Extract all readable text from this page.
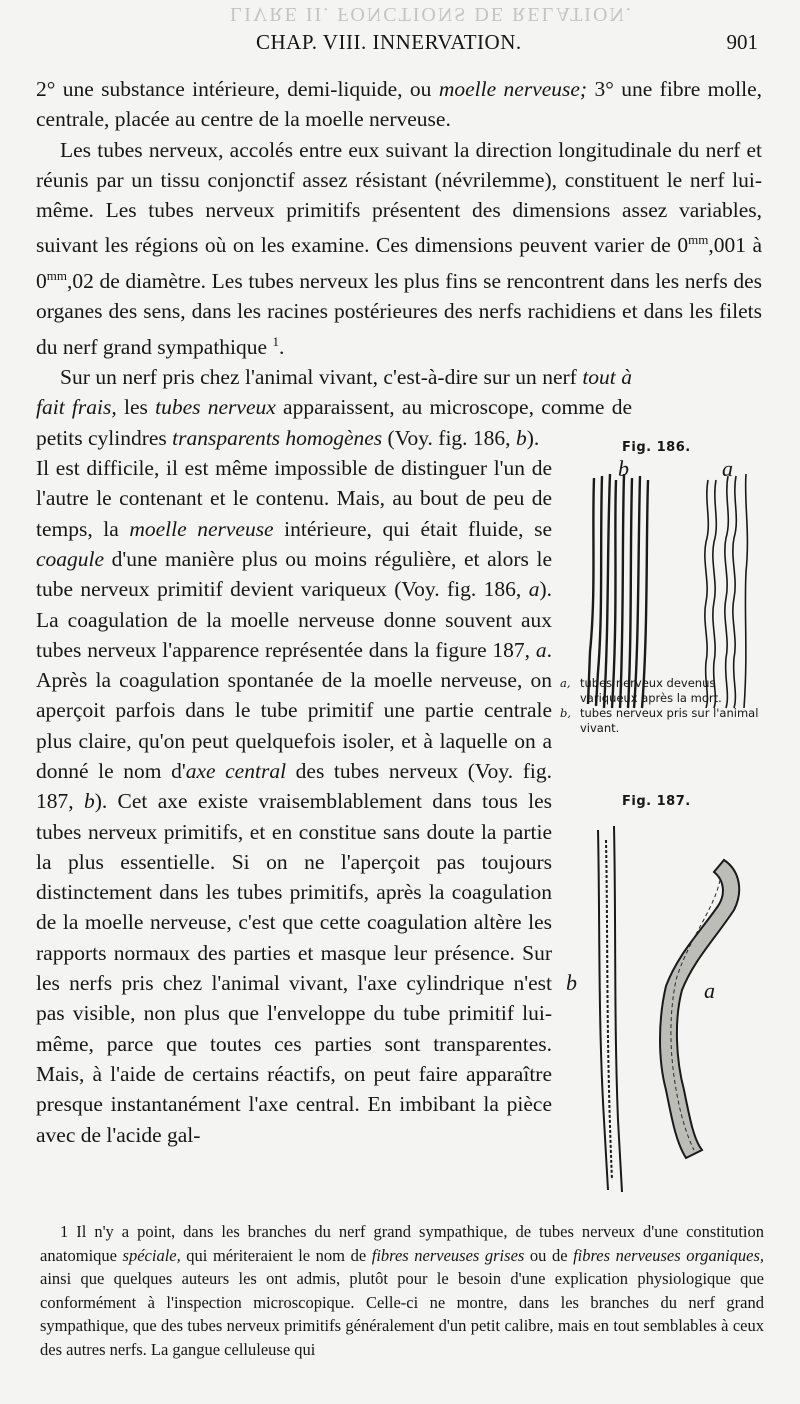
LIVRE II. FONCTIONS DE RELATION.
CHAP. VIII. INNERVATION.	901

2° une substance intérieure, demi-liquide, ou moelle nerveuse; 3° une fibre molle, centrale, placée au centre de la moelle nerveuse.

Les tubes nerveux, accolés entre eux suivant la direction longitudinale du nerf et réunis par un tissu conjonctif assez résistant (névrilemme), constituent le nerf lui-même. Les tubes nerveux primitifs présentent des dimensions assez variables, suivant les régions où on les examine. Ces dimensions peuvent varier de $0^{mm},001$ à $0^{mm},02$ de diamètre. Les tubes nerveux les plus fins se rencontrent dans les nerfs des organes des sens, dans les racines postérieures des nerfs rachidiens et dans les filets du nerf grand sympathique $^1$.

Sur un nerf pris chez l'animal vivant, c'est-à-dire sur un nerf tout à fait frais, les tubes nerveux apparaissent, au microscope, comme de petits cylindres transparents homogènes (Voy. fig. 186, b).

Il est difficile, il est même impossible de distinguer l'un de l'autre le contenant et le contenu. Mais, au bout de peu de temps, la moelle nerveuse intérieure, qui était fluide, se coagule d'une manière plus ou moins régulière, et alors le tube nerveux primitif devient variqueux (Voy. fig. 186, a). La coagulation de la moelle nerveuse donne souvent aux tubes nerveux l'apparence représentée dans la figure 187, a. Après la coagulation spontanée de la moelle nerveuse, on aperçoit parfois dans le tube primitif une partie centrale plus claire, qu'on peut quelquefois isoler, et à laquelle on a donné le nom d'axe central des tubes nerveux (Voy. fig. 187, b). Cet axe existe vraisemblablement dans tous les tubes nerveux primitifs, et en constitue sans doute la partie la plus essentielle. Si on ne l'aperçoit pas toujours distinctement dans les tubes primitifs, après la coagulation de la moelle nerveuse, c'est que cette coagulation altère les rapports normaux des parties et masque leur présence. Sur les nerfs pris chez l'animal vivant, l'axe cylindrique n'est pas visible, non plus que l'enveloppe du tube primitif lui-même, parce que toutes ces parties sont transparentes. Mais, à l'aide de certains réactifs, on peut faire apparaître presque instantanément l'axe central. En imbibant la pièce avec de l'acide gal-

Fig. 186.
b	a
a, tubes nerveux devenus variqueux après la mort.
b, tubes nerveux pris sur l'animal vivant.
Fig. 187.
b	a

1 Il n'y a point, dans les branches du nerf grand sympathique, de tubes nerveux d'une constitution anatomique spéciale, qui mériteraient le nom de fibres nerveuses grises ou de fibres nerveuses organiques, ainsi que quelques auteurs les ont admis, plutôt pour le besoin d'une explication physiologique que conformément à l'inspection microscopique. Celle-ci ne montre, dans les branches du nerf grand sympathique, que des tubes nerveux primitifs généralement d'un petit calibre, mais en tout semblables à ceux des autres nerfs. La gangue celluleuse qui
